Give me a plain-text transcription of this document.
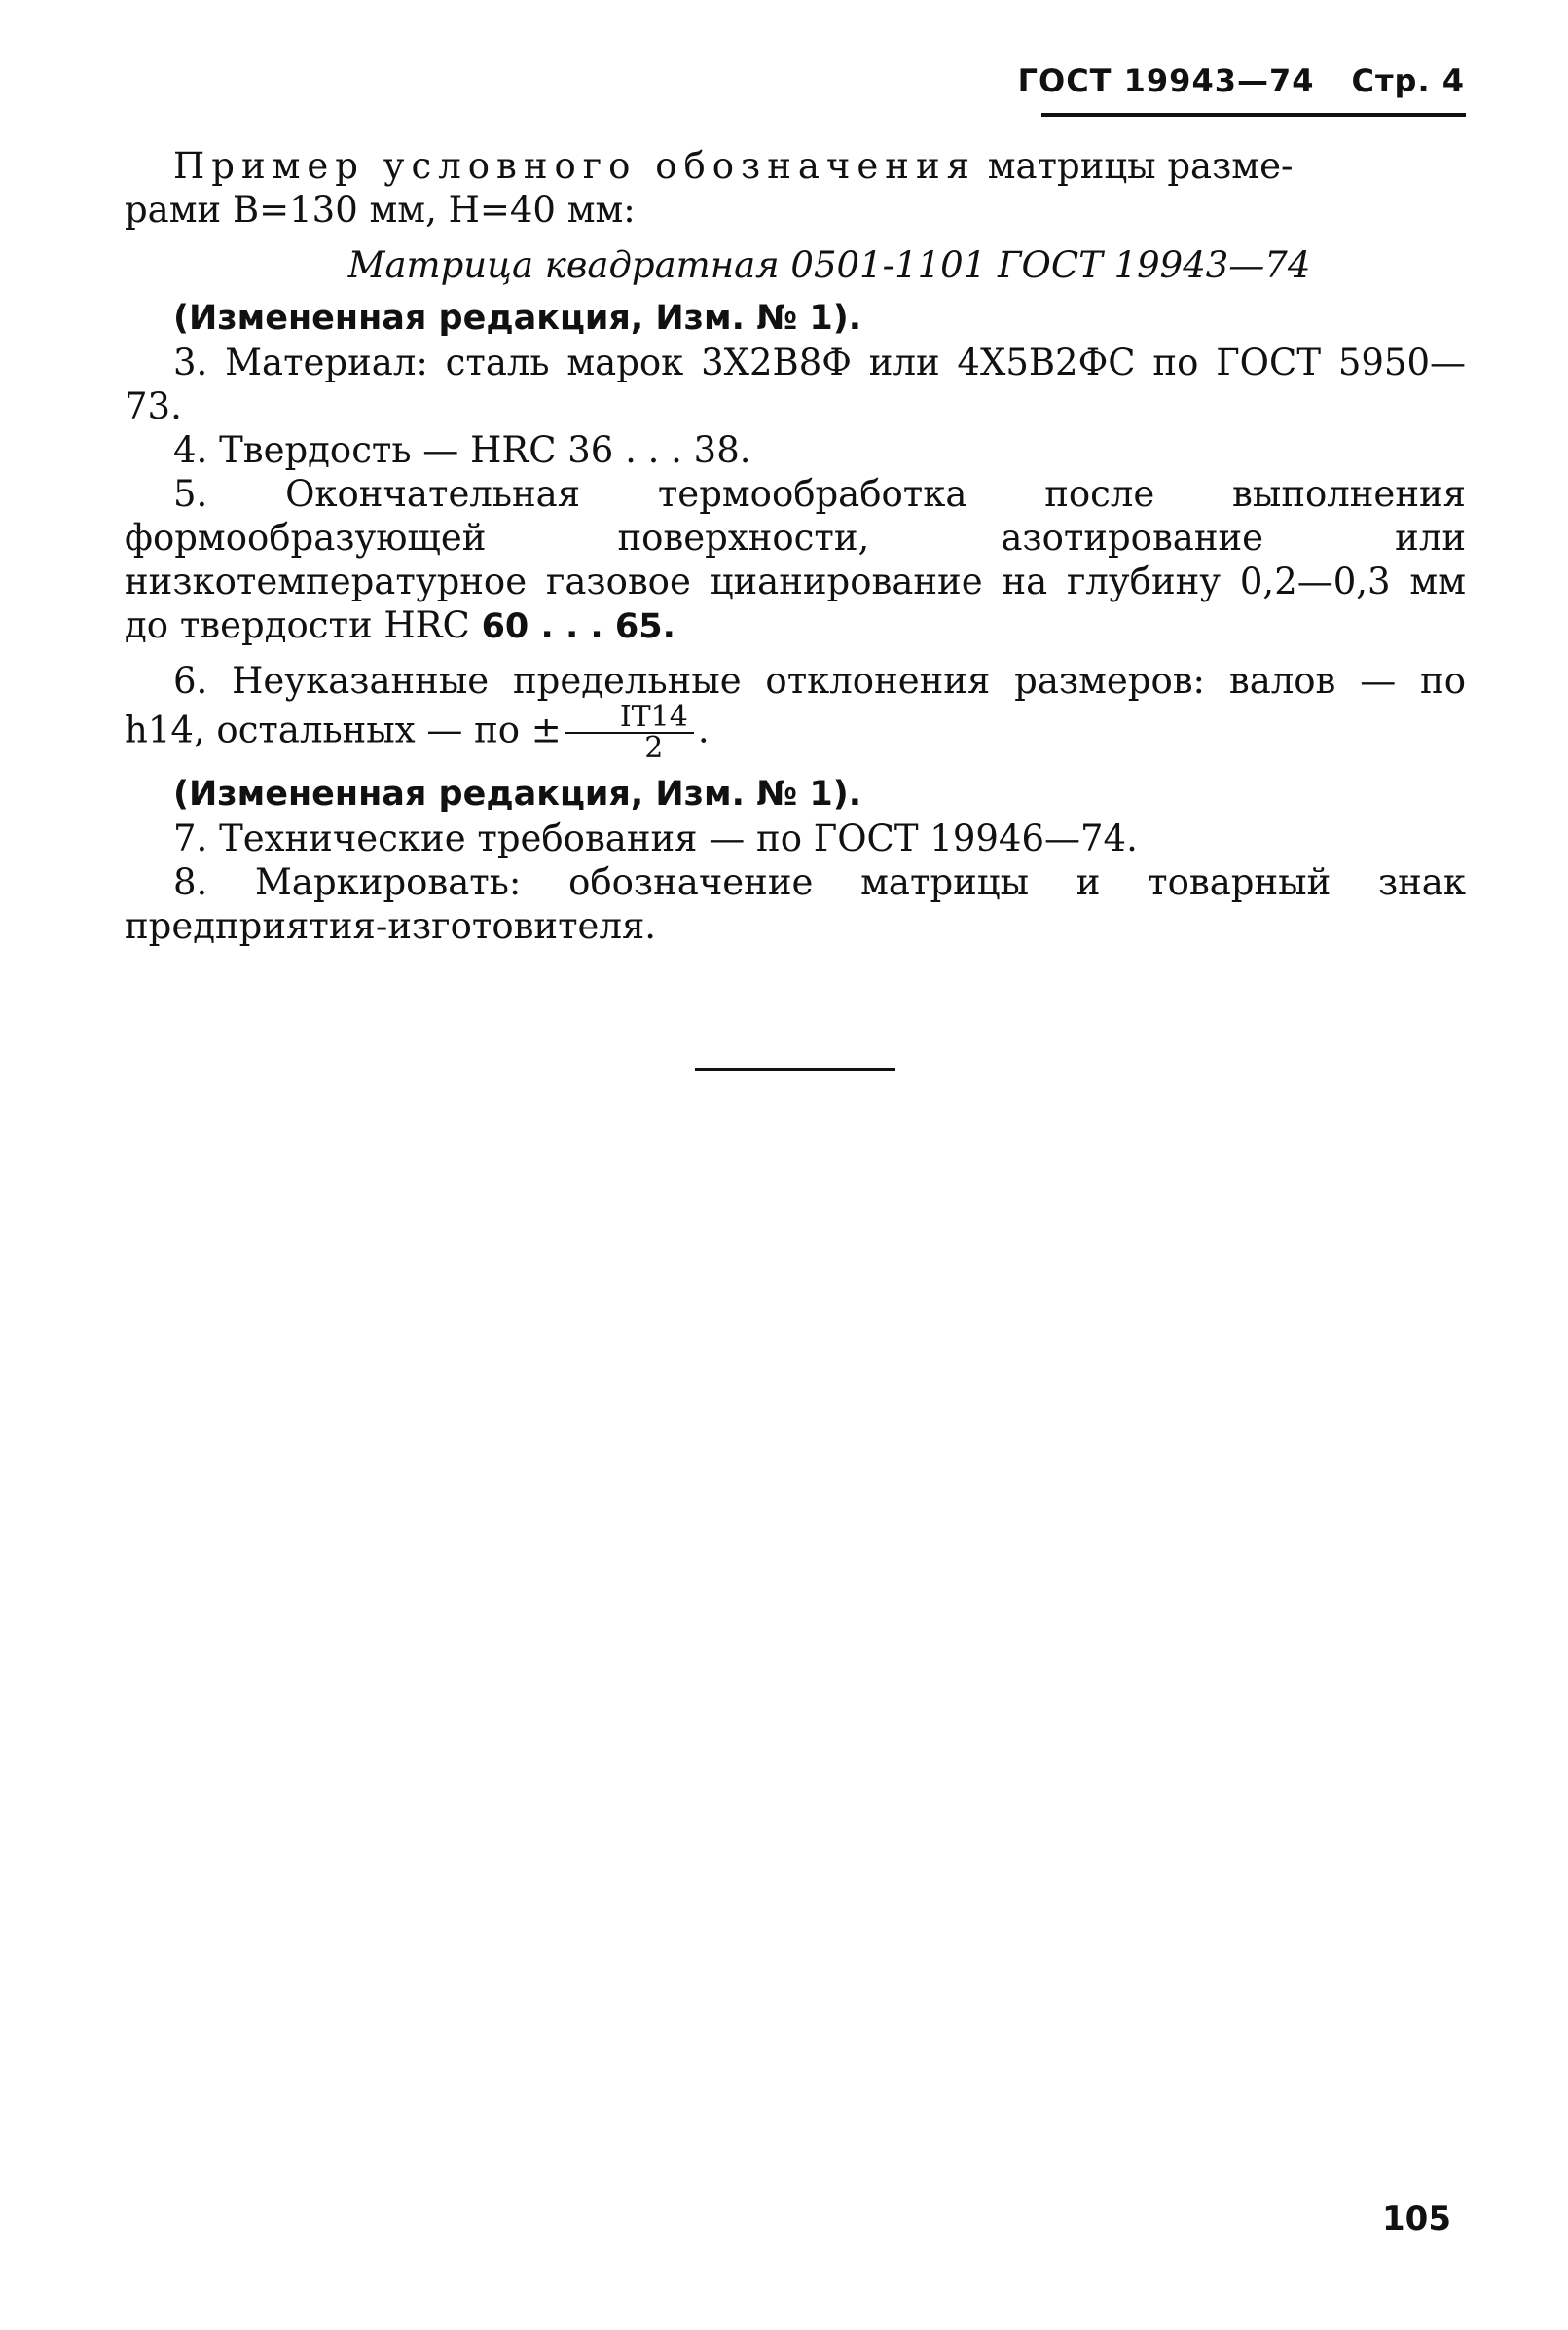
ГОСТ 19943—74 Стр. 4

Пример условного обозначения матрицы разме-
рами B=130 мм, H=40 мм:

Матрица квадратная 0501-1101 ГОСТ 19943—74

(Измененная редакция, Изм. № 1).

3. Материал: сталь марок 3Х2В8Ф или 4Х5В2ФС по ГОСТ 5950—73.

4. Твердость — HRC 36 . . . 38.

5. Окончательная термообработка после выполнения формообразующей поверхности, азотирование или низкотемпературное газовое цианирование на глубину 0,2—0,3 мм до твердости HRC 60 . . . 65.

6. Неуказанные предельные отклонения размеров: валов — по h14, остальных — по ± $\frac{IT14}{2}$ .

(Измененная редакция, Изм. № 1).

7. Технические требования — по ГОСТ 19946—74.

8. Маркировать: обозначение матрицы и товарный знак предприятия-изготовителя.

105
